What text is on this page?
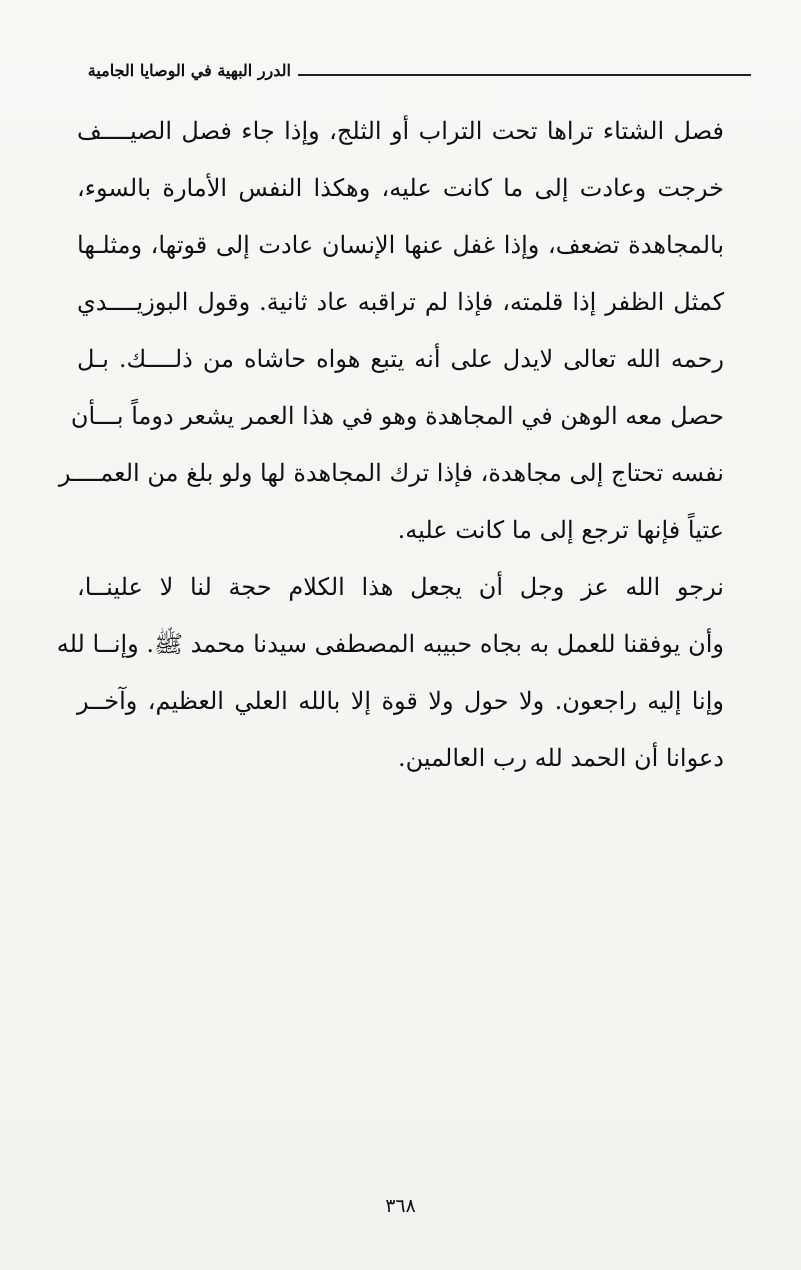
الدرر البهية في الوصايا الجامية
فصل الشتاء تراها تحت التراب أو الثلج، وإذا جاء فصل الصيــــف
خرجت وعادت إلى ما كانت عليه، وهكذا النفس الأمارة بالسوء،
بالمجاهدة تضعف، وإذا غفل عنها الإنسان عادت إلى قوتها، ومثلـها
كمثل الظفر إذا قلمته، فإذا لم تراقبه عاد ثانية. وقول البوزيــــدي
رحمه الله تعالى لايدل على أنه يتبع هواه حاشاه من ذلــــك. بـل
حصل معه الوهن في المجاهدة وهو في هذا العمر يشعر دوماً بـــأن
نفسه تحتاج إلى مجاهدة، فإذا ترك المجاهدة لها ولو بلغ من العمــــر
عتياً فإنها ترجع إلى ما كانت عليه.
نرجو الله عز وجل أن يجعل هذا الكلام حجة لنا لا علينــا،
وأن يوفقنا للعمل به بجاه حبيبه المصطفى سيدنا محمد ﷺ. وإنــا لله
وإنا إليه راجعون. ولا حول ولا قوة إلا بالله العلي العظيم، وآخــر
دعوانا أن الحمد لله رب العالمين.
٣٦٨
